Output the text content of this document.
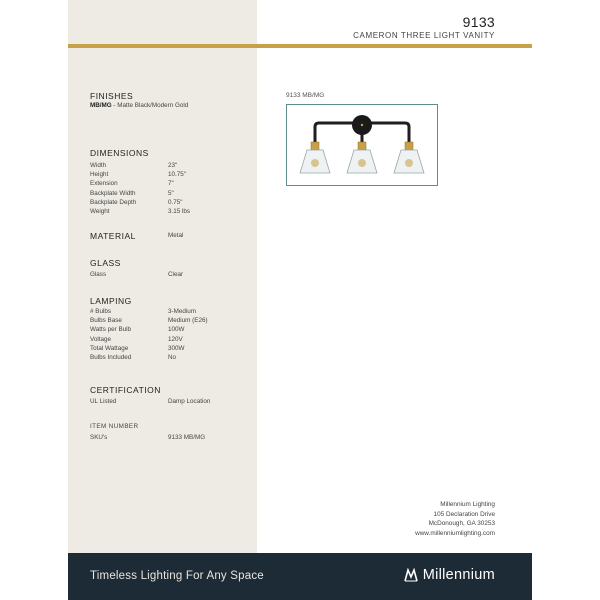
9133
CAMERON THREE LIGHT VANITY
FINISHES
MB/MG - Matte Black/Modern Gold
DIMENSIONS
Width	23ʺ
Height	10.75ʺ
Extension	7ʺ
Backplate Width	5ʺ
Backplate Depth	0.75ʺ
Weight	3.15 lbs
MATERIAL	Metal
GLASS
Glass	Clear
LAMPING
# Bulbs	3-Medium
Bulbs Base	Medium (E26)
Watts per Bulb	100W
Voltage	120V
Total Wattage	300W
Bulbs Included	No
CERTIFICATION
UL Listed	Damp Location
ITEM NUMBER
SKU's	9133 MB/MG
9133 MB/MG
Millennium Lighting
105 Declaration Drive
McDonough, GA 30253
www.millenniumlighting.com
Timeless Lighting For Any Space	Millennium
